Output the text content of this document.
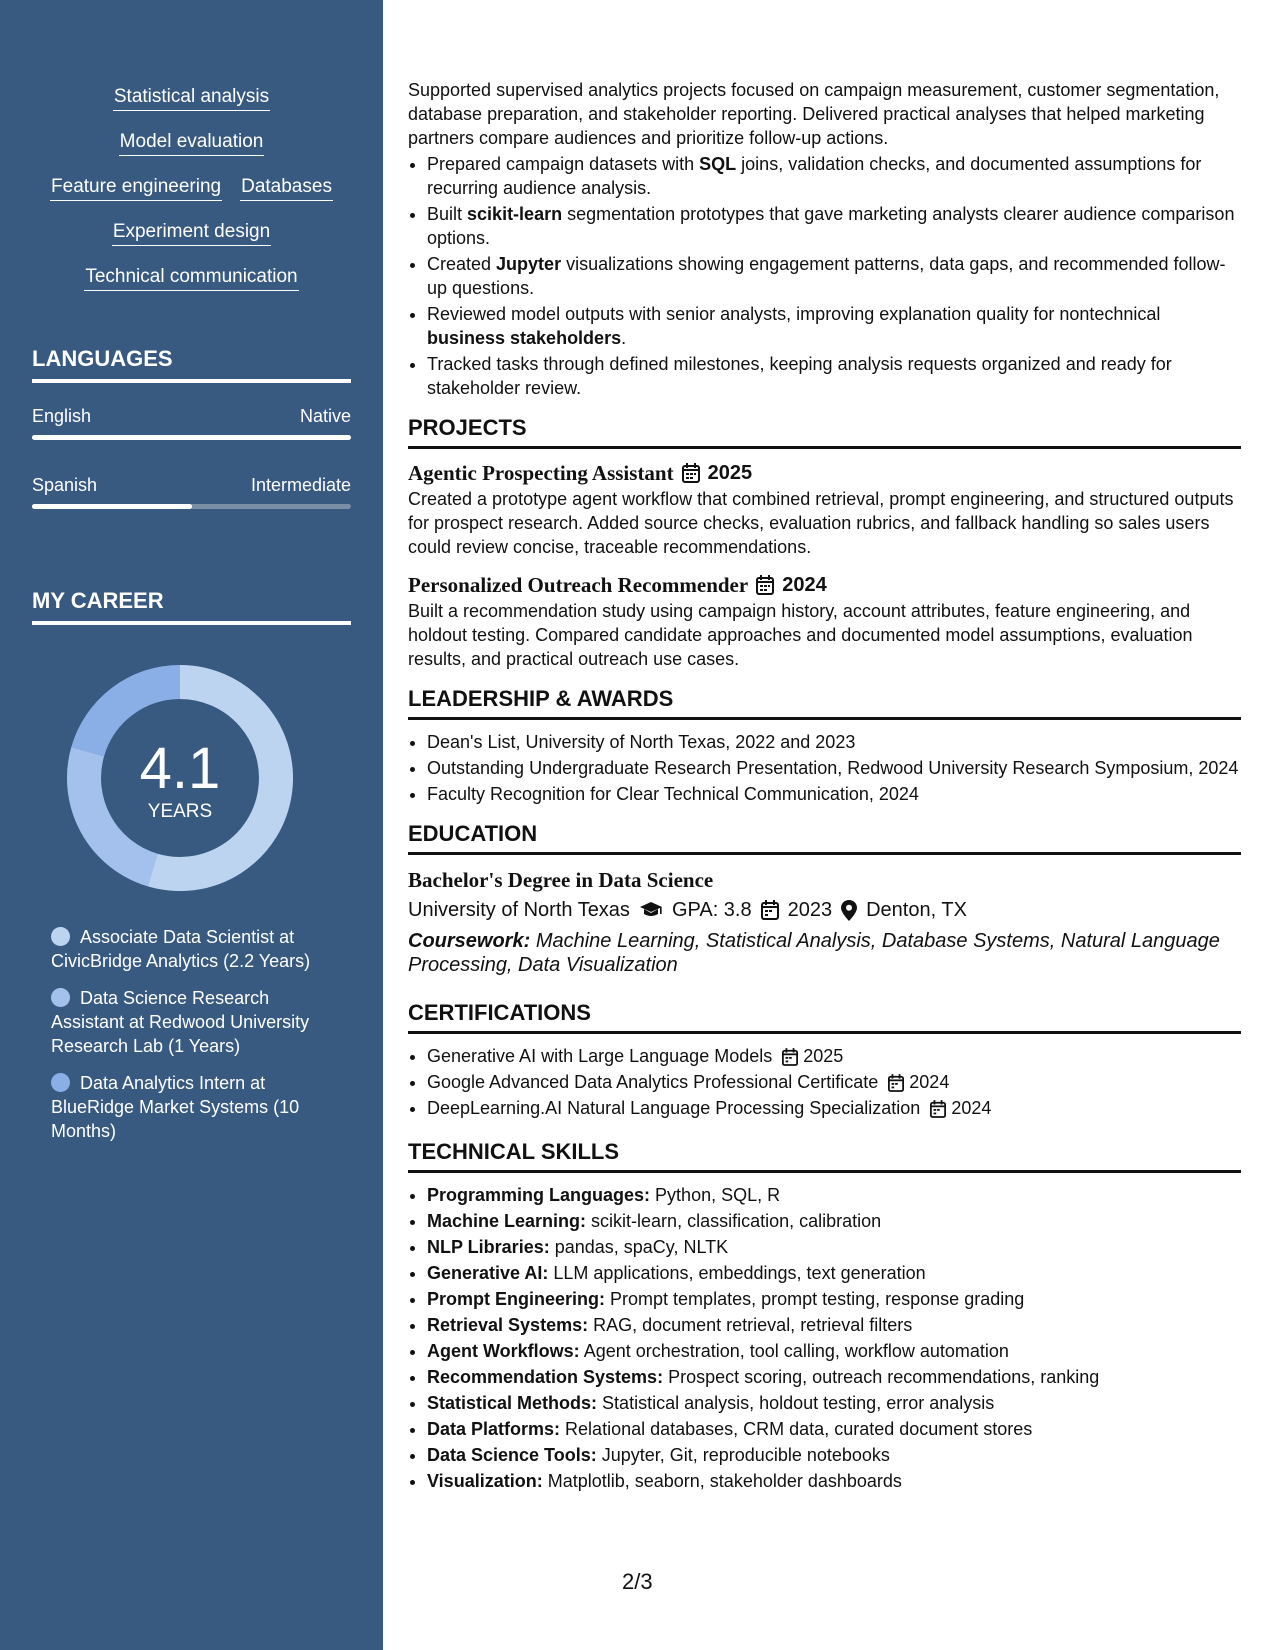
Statistical analysis
Model evaluation
Feature engineering Databases
Experiment design
Technical communication
LANGUAGES
English	Native
Spanish	Intermediate
MY CAREER
4.1
YEARS
Associate Data Scientist at CivicBridge Analytics (2.2 Years)
Data Science Research Assistant at Redwood University Research Lab (1 Years)
Data Analytics Intern at BlueRidge Market Systems (10 Months)

Supported supervised analytics projects focused on campaign measurement, customer segmentation, database preparation, and stakeholder reporting. Delivered practical analyses that helped marketing partners compare audiences and prioritize follow-up actions.

• Prepared campaign datasets with SQL joins, validation checks, and documented assumptions for recurring audience analysis.
• Built scikit-learn segmentation prototypes that gave marketing analysts clearer audience comparison options.
• Created Jupyter visualizations showing engagement patterns, data gaps, and recommended follow-up questions.
• Reviewed model outputs with senior analysts, improving explanation quality for nontechnical business stakeholders.
• Tracked tasks through defined milestones, keeping analysis requests organized and ready for stakeholder review.
PROJECTS
Agentic Prospecting Assistant 2025

Created a prototype agent workflow that combined retrieval, prompt engineering, and structured outputs for prospect research. Added source checks, evaluation rubrics, and fallback handling so sales users could review concise, traceable recommendations.

Personalized Outreach Recommender 2024

Built a recommendation study using campaign history, account attributes, feature engineering, and holdout testing. Compared candidate approaches and documented model assumptions, evaluation results, and practical outreach use cases.

LEADERSHIP & AWARDS
• Dean's List, University of North Texas, 2022 and 2023
• Outstanding Undergraduate Research Presentation, Redwood University Research Symposium, 2024
• Faculty Recognition for Clear Technical Communication, 2024
EDUCATION
Bachelor's Degree in Data Science
University of North Texas GPA: 3.8 2023 Denton, TX
Coursework: Machine Learning, Statistical Analysis, Database Systems, Natural Language Processing, Data Visualization
CERTIFICATIONS
• Generative AI with Large Language Models 2025
• Google Advanced Data Analytics Professional Certificate 2024
• DeepLearning.AI Natural Language Processing Specialization 2024
TECHNICAL SKILLS
• Programming Languages: Python, SQL, R
• Machine Learning: scikit-learn, classification, calibration
• NLP Libraries: pandas, spaCy, NLTK
• Generative AI: LLM applications, embeddings, text generation
• Prompt Engineering: Prompt templates, prompt testing, response grading
• Retrieval Systems: RAG, document retrieval, retrieval filters
• Agent Workflows: Agent orchestration, tool calling, workflow automation
• Recommendation Systems: Prospect scoring, outreach recommendations, ranking
• Statistical Methods: Statistical analysis, holdout testing, error analysis
• Data Platforms: Relational databases, CRM data, curated document stores
• Data Science Tools: Jupyter, Git, reproducible notebooks
• Visualization: Matplotlib, seaborn, stakeholder dashboards
2/3
